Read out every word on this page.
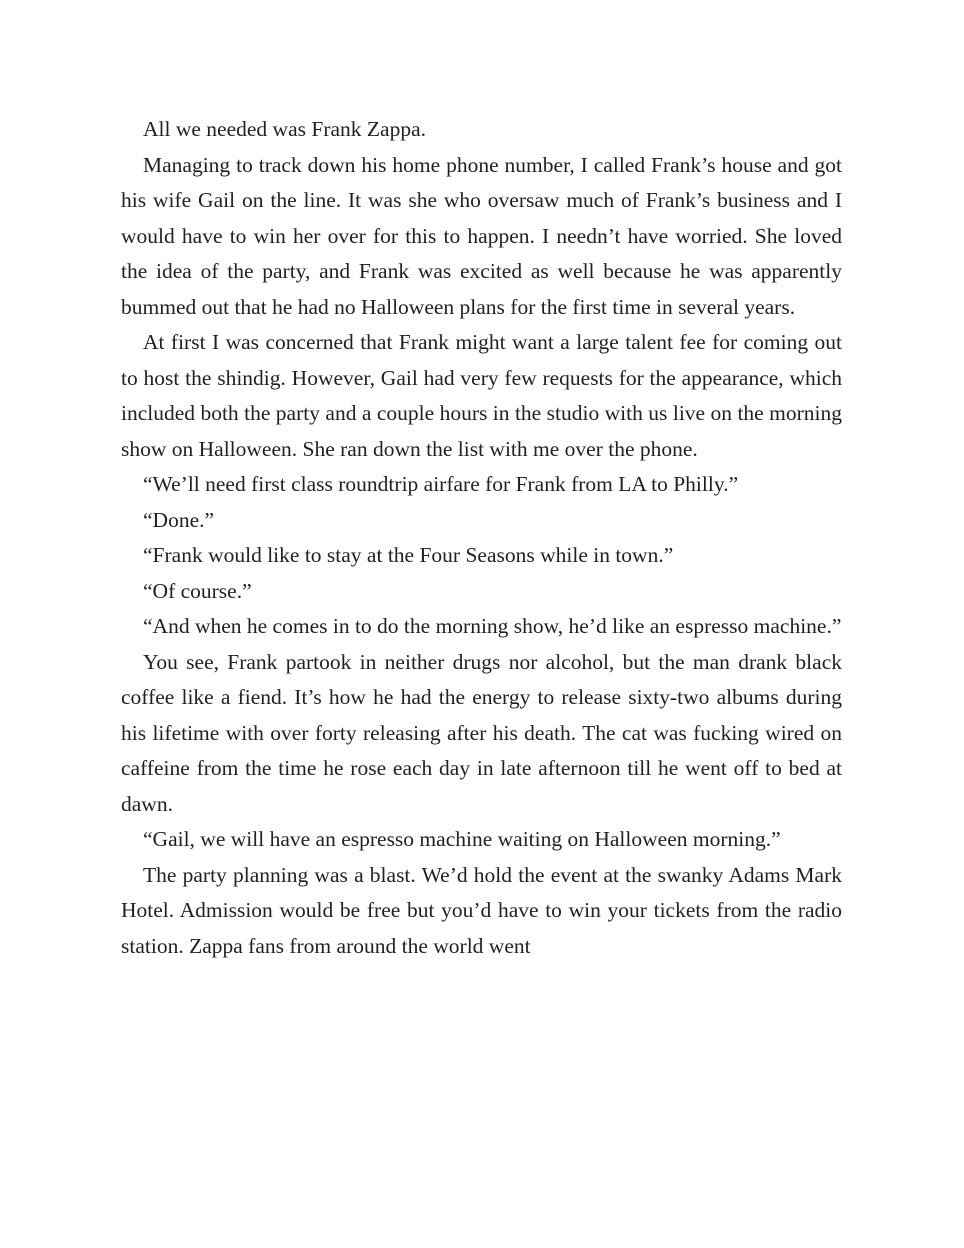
All we needed was Frank Zappa.

Managing to track down his home phone number, I called Frank’s house and got his wife Gail on the line. It was she who oversaw much of Frank’s business and I would have to win her over for this to happen. I needn’t have worried. She loved the idea of the party, and Frank was excited as well because he was apparently bummed out that he had no Halloween plans for the first time in several years.

At first I was concerned that Frank might want a large talent fee for coming out to host the shindig. However, Gail had very few requests for the appearance, which included both the party and a couple hours in the studio with us live on the morning show on Halloween. She ran down the list with me over the phone.

“We’ll need first class roundtrip airfare for Frank from LA to Philly.”

“Done.”

“Frank would like to stay at the Four Seasons while in town.”

“Of course.”

“And when he comes in to do the morning show, he’d like an espresso machine.”

You see, Frank partook in neither drugs nor alcohol, but the man drank black coffee like a fiend. It’s how he had the energy to release sixty-two albums during his lifetime with over forty releasing after his death. The cat was fucking wired on caffeine from the time he rose each day in late afternoon till he went off to bed at dawn.

“Gail, we will have an espresso machine waiting on Halloween morning.”

The party planning was a blast. We’d hold the event at the swanky Adams Mark Hotel. Admission would be free but you’d have to win your tickets from the radio station. Zappa fans from around the world went
